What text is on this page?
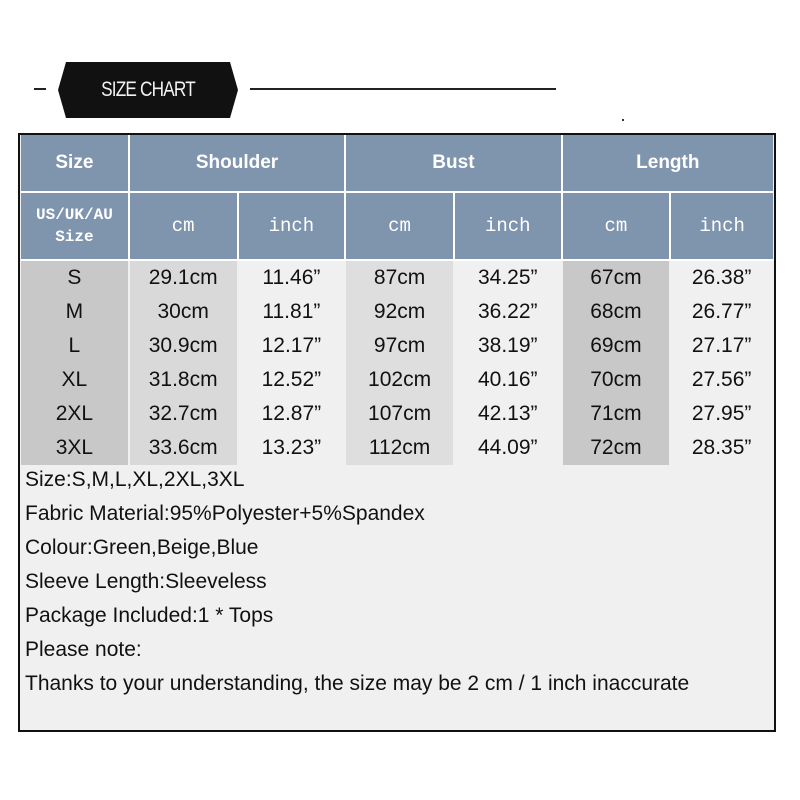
SIZE CHART
Size	Shoulder		Bust		Length	
US/UK/AU
Size	cm	inch	cm	inch	cm	inch
S	29.1cm	11.46”	87cm	34.25”	67cm	26.38”
M	30cm	11.81”	92cm	36.22”	68cm	26.77”
L	30.9cm	12.17”	97cm	38.19”	69cm	27.17”
XL	31.8cm	12.52”	102cm	40.16”	70cm	27.56”
2XL	32.7cm	12.87”	107cm	42.13”	71cm	27.95”
3XL	33.6cm	13.23”	112cm	44.09”	72cm	28.35”
Size:S,M,L,XL,2XL,3XL
Fabric Material:95%Polyester+5%Spandex
Colour:Green,Beige,Blue
Sleeve Length:Sleeveless
Package Included:1 * Tops
Please note:
Thanks to your understanding, the size may be 2 cm / 1 inch inaccurate
